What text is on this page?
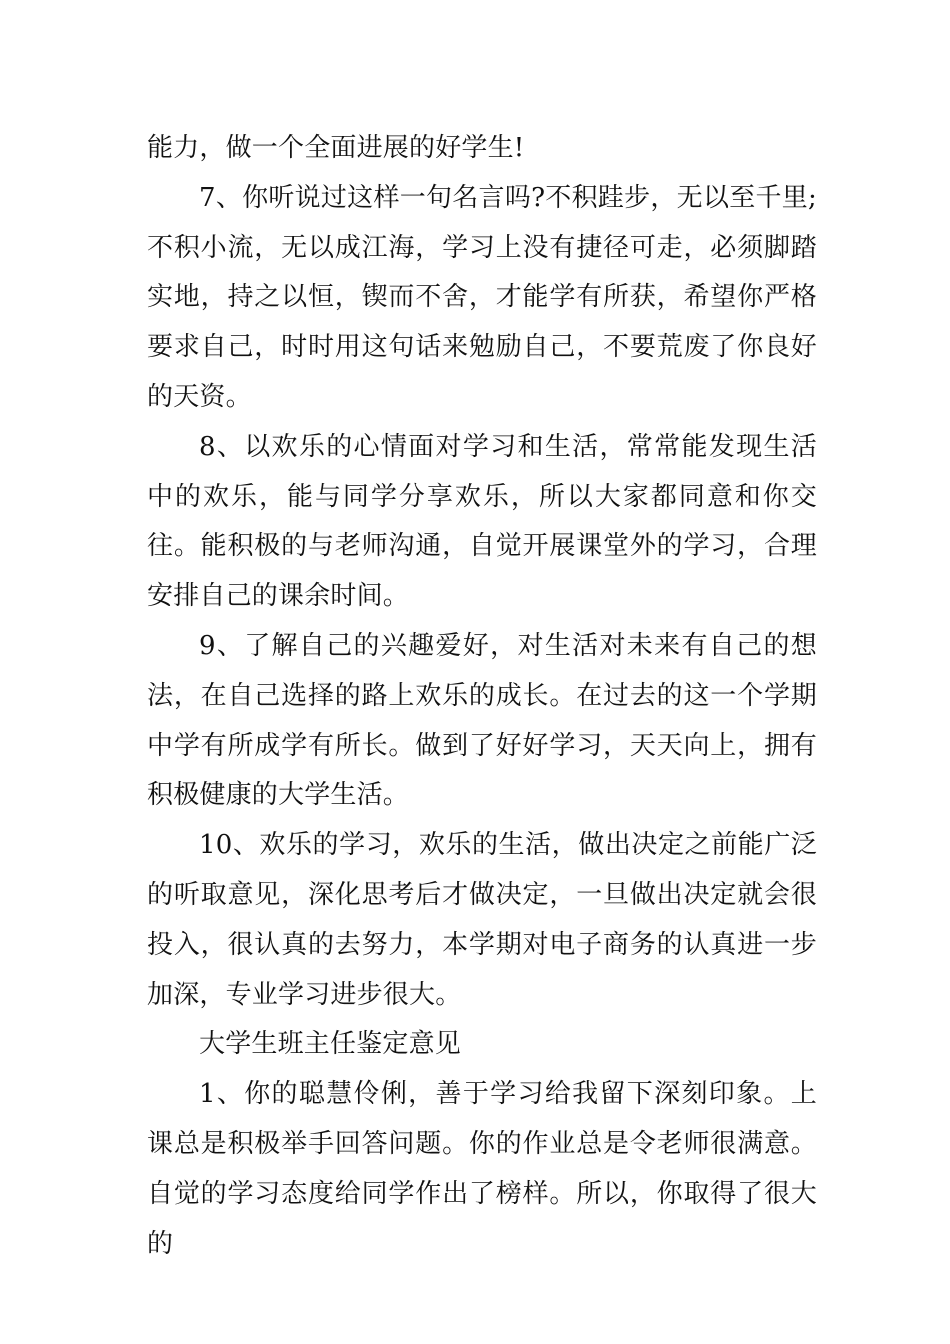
能力，做一个全面进展的好学生!

7、你听说过这样一句名言吗?不积跬步，无以至千里;不积小流，无以成江海，学习上没有捷径可走，必须脚踏实地，持之以恒，锲而不舍，才能学有所获，希望你严格要求自己，时时用这句话来勉励自己，不要荒废了你良好的天资。

8、以欢乐的心情面对学习和生活，常常能发现生活中的欢乐，能与同学分享欢乐，所以大家都同意和你交往。能积极的与老师沟通，自觉开展课堂外的学习，合理安排自己的课余时间。

9、了解自己的兴趣爱好，对生活对未来有自己的想法，在自己选择的路上欢乐的成长。在过去的这一个学期中学有所成学有所长。做到了好好学习，天天向上，拥有积极健康的大学生活。

10、欢乐的学习，欢乐的生活，做出决定之前能广泛的听取意见，深化思考后才做决定，一旦做出决定就会很投入，很认真的去努力，本学期对电子商务的认真进一步加深，专业学习进步很大。

大学生班主任鉴定意见

1、你的聪慧伶俐，善于学习给我留下深刻印象。上课总是积极举手回答问题。你的作业总是令老师很满意。自觉的学习态度给同学作出了榜样。所以，你取得了很大的
